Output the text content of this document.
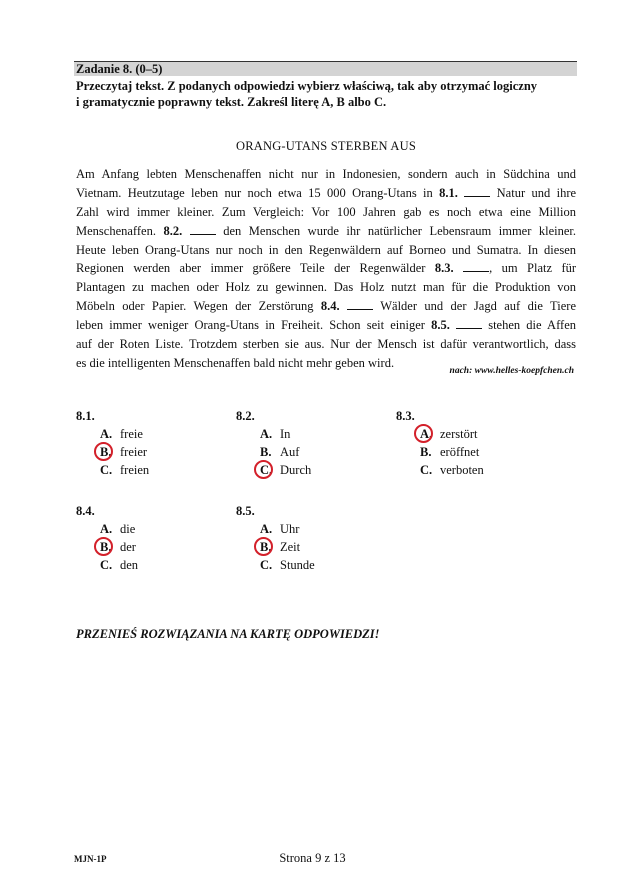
Zadanie 8. (0–5)
Przeczytaj tekst. Z podanych odpowiedzi wybierz właściwą, tak aby otrzymać logiczny
i gramatycznie poprawny tekst. Zakreśl literę A, B albo C.
ORANG-UTANS STERBEN AUS
Am Anfang lebten Menschenaffen nicht nur in Indonesien, sondern auch in Südchina und
Vietnam. Heutzutage leben nur noch etwa 15 000 Orang-Utans in 8.1.	Natur und ihre
Zahl wird immer kleiner. Zum Vergleich: Vor 100 Jahren gab es noch etwa eine Million
Menschenaffen. 8.2.	den Menschen wurde ihr natürlicher Lebensraum immer kleiner.
Heute leben Orang-Utans nur noch in den Regenwäldern auf Borneo und Sumatra. In diesen
Regionen werden aber immer größere Teile der Regenwälder 8.3.	, um Platz für
Plantagen zu machen oder Holz zu gewinnen. Das Holz nutzt man für die Produktion von
Möbeln oder Papier. Wegen der Zerstörung 8.4.	Wälder und der Jagd auf die Tiere
leben immer weniger Orang-Utans in Freiheit. Schon seit einiger 8.5.	stehen die Affen
auf der Roten Liste. Trotzdem sterben sie aus. Nur der Mensch ist dafür verantwortlich, dass
es die intelligenten Menschenaffen bald nicht mehr geben wird.
nach: www.helles-koepfchen.ch
8.1.
A. freie
B. freier
C. freien
8.2.
A. In
B. Auf
C. Durch
8.3.
A. zerstört
B. eröffnet
C. verboten
8.4.
A. die
B. der
C. den
8.5.
A. Uhr
B. Zeit
C. Stunde
PRZENIEŚ ROZWIĄZANIA NA KARTĘ ODPOWIEDZI!
MJN-1P	Strona 9 z 13
